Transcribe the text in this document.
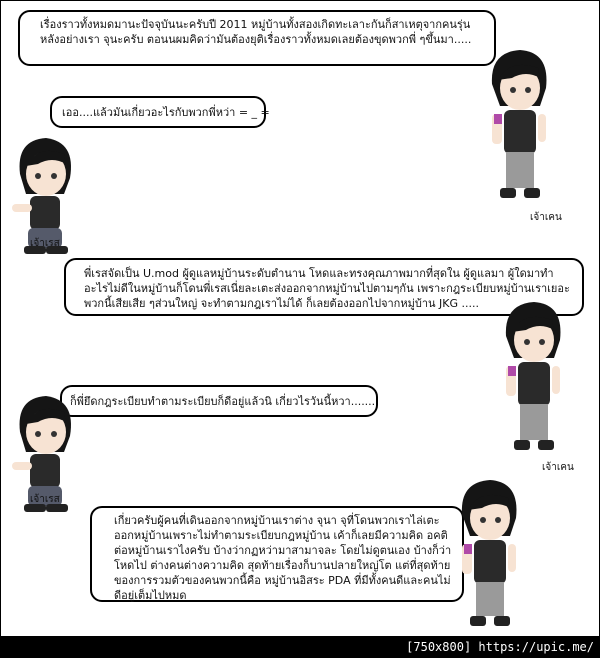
เรื่องราวทั้งหมดมานะปัจจุบันนะครับปี 2011 หมู่บ้านทั้งสองเกิดทะเลาะกันก็สาเหตุจากคนรุ่นหลังอย่างเรา จุนะครับ ตอนนผมคิดว่ามันต้องยุติเรื่องราวทั้งหมดเลยต้องขุดพวกพี่ ๆขึ้นมา.....
เออ....แล้วมันเกี่ยวอะไรกับพวกพี่หว่า = _ =
พี่เรสจัดเป็น U.mod ผู้ดูแลหมู่บ้านระดับตำนาน โหดและทรงคุณภาพมากที่สุดใน ผู้ดูแลมา ผู้ใดมาทำอะไรไม่ดีในหมู่บ้านก็โดนพี่เรสเนี่ยละเตะส่งออกจากหมู่บ้านไปตามๆกัน เพราะกฎระเบียบหมู่บ้านเราเยอะ พวกนี้เสียเสีย ๆส่วนใหญ่ จะทำตามกฎเราไม่ได้ ก็เลยต้องออกไปจากหมู่บ้าน JKG .....
ก็พี่ยึดกฎระเบียบทำตามระเบียบก็ดีอยู่แล้วนิ เกี่ยวไรวันนี้หวา.......
เกี่ยวครับผู้คนที่เดินออกจากหมู่บ้านเราต่าง จุนา จุที่โดนพวกเราไล่เตะออกหมู่บ้านเพราะไม่ทำตามระเบียบกฎหมู่บ้าน เค้าก็เลยมีความคิด อคติ ต่อหมู่บ้านเราไงครับ บ้างว่ากฏหว่ามาสามาจละ โดยไม่ดูตนเอง บ้างก็ว่าโหดไป ต่างคนต่างความคิด สุดท้ายเรื่องก็บานปลายใหญ่โต แต่ที่สุดท้ายของการรวมตัวของคนพวกนี้คือ หมู่บ้านอิสระ PDA ที่มีทั้งคนดีและคนไม่ดีอยู่เต็มไปหมด
เจ้าเคน
เจ้าเรส
เจ้าเคน
เจ้าเรส
[750x800] https://upic.me/
